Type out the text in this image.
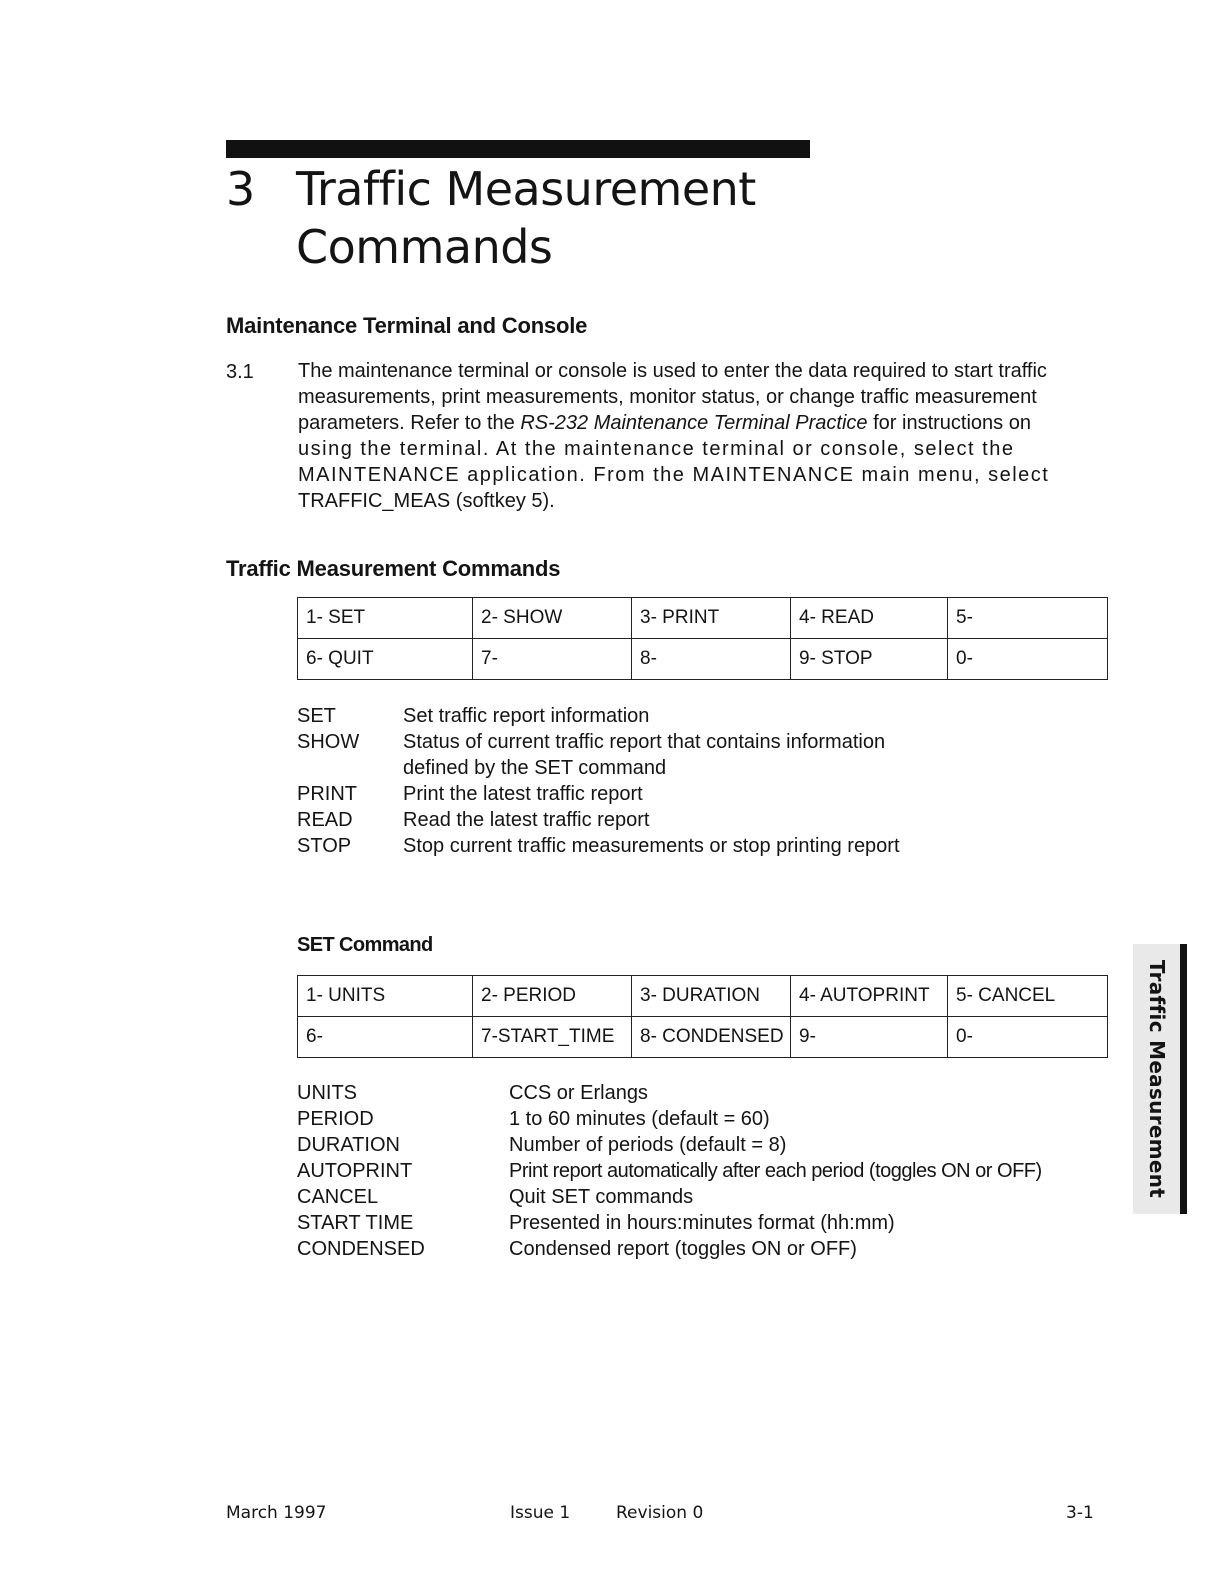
3 Traffic Measurement
Commands
Maintenance Terminal and Console
3.1 The maintenance terminal or console is used to enter the data required to start traffic
measurements, print measurements, monitor status, or change traffic measurement
parameters. Refer to the RS-232 Maintenance Terminal Practice for instructions on
using the terminal. At the maintenance terminal or console, select the
MAINTENANCE application. From the MAINTENANCE main menu, select
TRAFFIC_MEAS (softkey 5).

Traffic Measurement Commands
1- SET	2- SHOW	3- PRINT	4- READ	5-
6- QUIT	7-	8-	9- STOP	0-
SET	Set traffic report information
SHOW	Status of current traffic report that contains information
defined by the SET command
PRINT	Print the latest traffic report
READ	Read the latest traffic report
STOP	Stop current traffic measurements or stop printing report
SET Command
1- UNITS	2- PERIOD	3- DURATION	4- AUTOPRINT	5- CANCEL
6-	7-START_TIME	8- CONDENSED	9-	0-
UNITS	CCS or Erlangs
PERIOD	1 to 60 minutes (default = 60)
DURATION	Number of periods (default = 8)
AUTOPRINT	Print report automatically after each period (toggles ON or OFF)
CANCEL	Quit SET commands
START TIME	Presented in hours:minutes format (hh:mm)
CONDENSED	Condensed report (toggles ON or OFF)
Traffic Measurement
March 1997	Issue 1	Revision 0	3-1
